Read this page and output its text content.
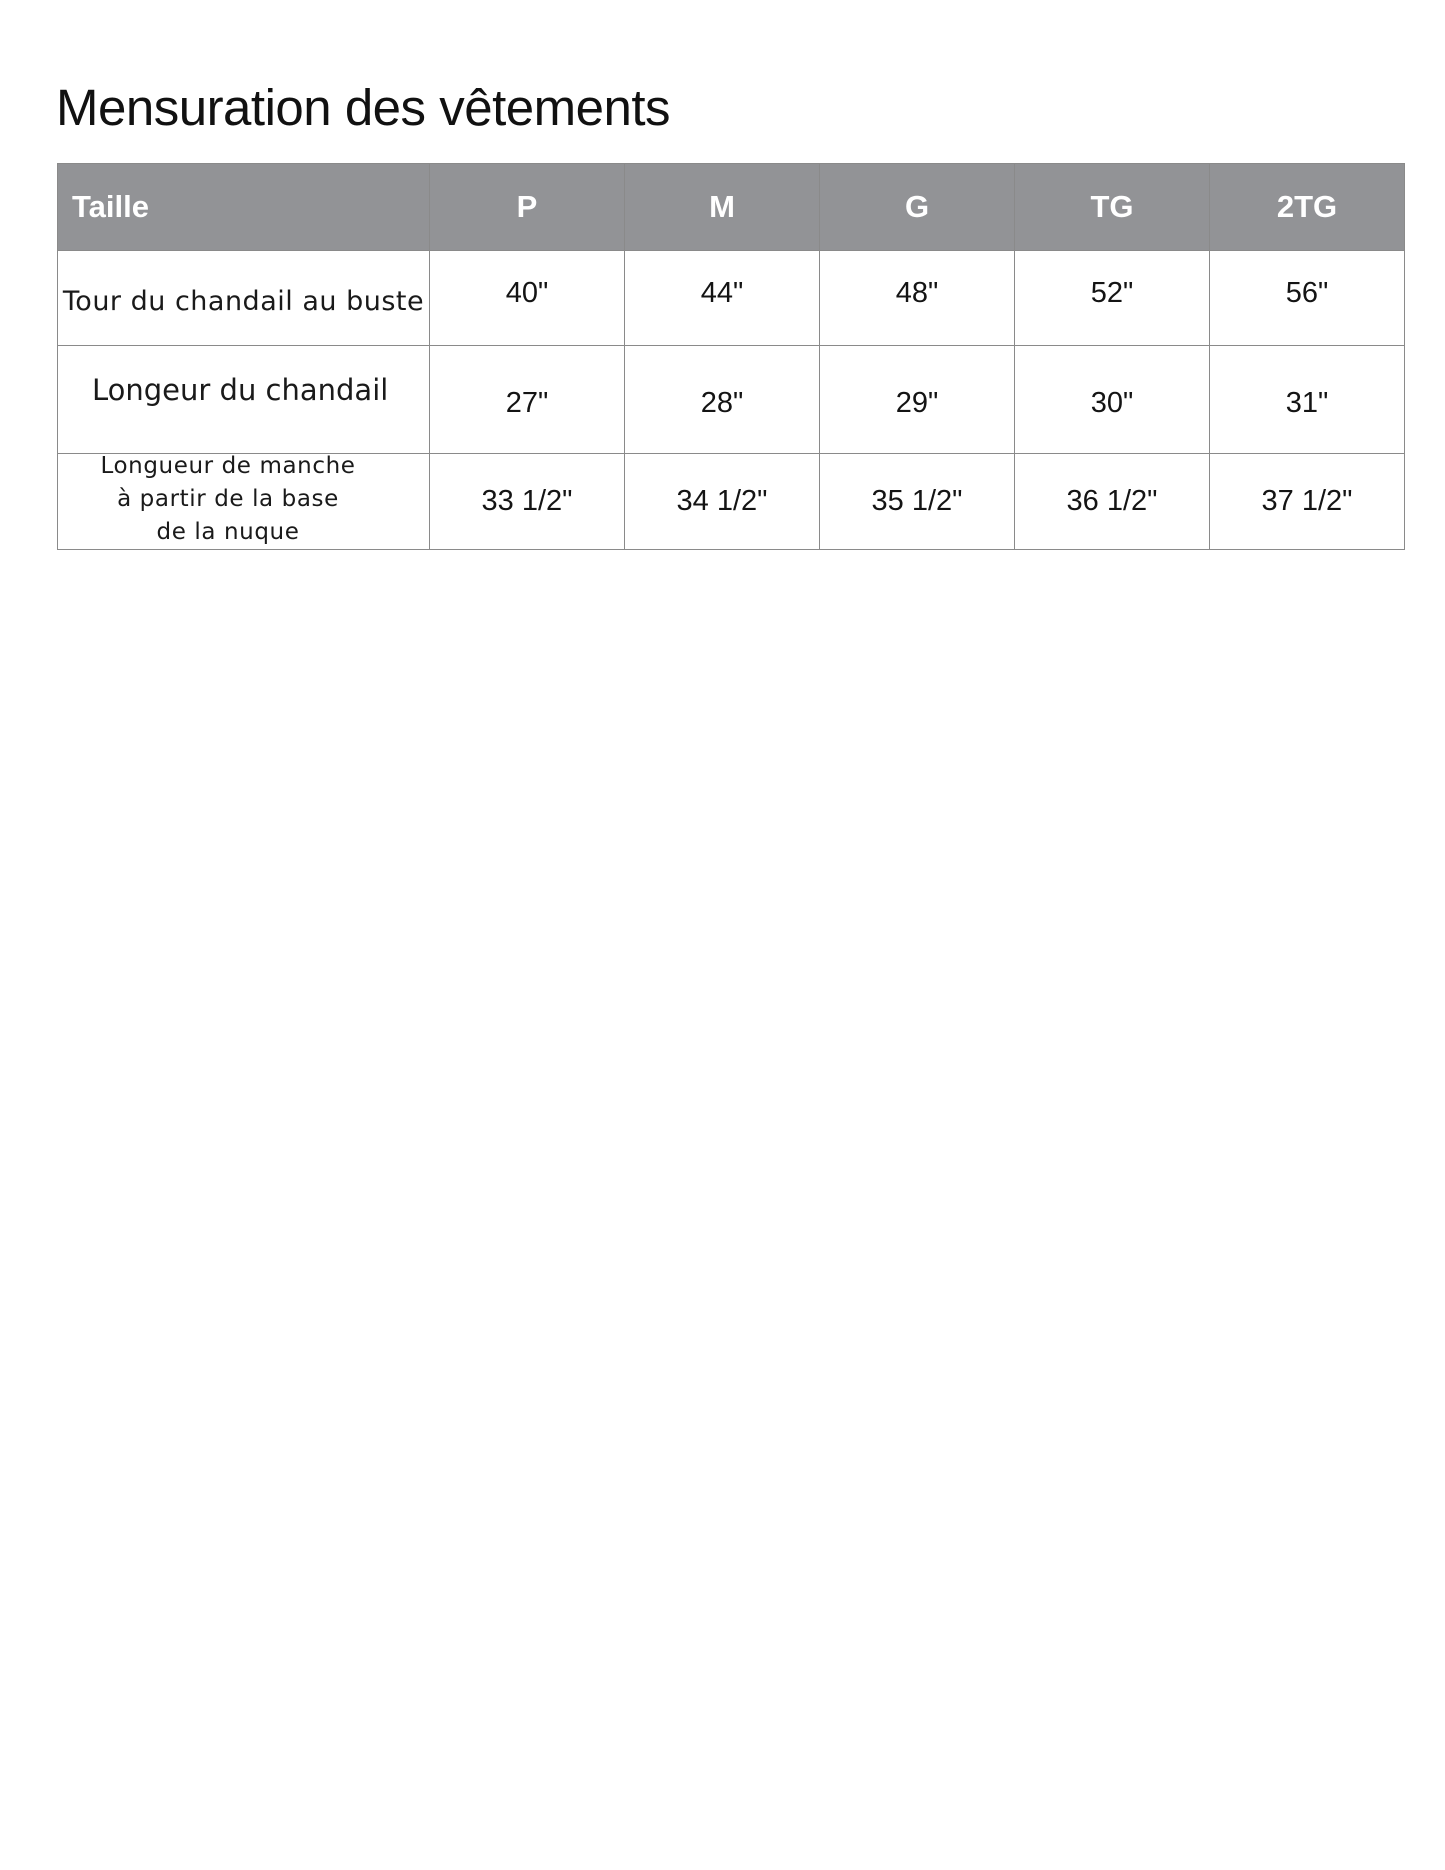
Mensuration des vêtements
Taille	P	M	G	TG	2TG
Tour du chandail au buste	40"	44"	48"	52"	56"
Longeur du chandail	27"	28"	29"	30"	31"

Longueur de manche
à partir de la base
de la nuque	33 1/2"	34 1/2"	35 1/2"	36 1/2"	37 1/2"
